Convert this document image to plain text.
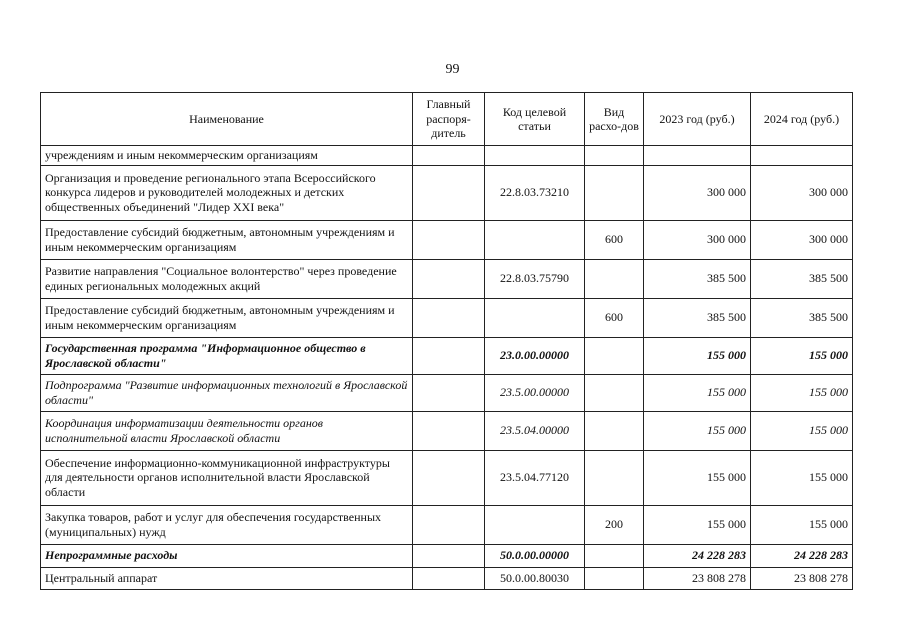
99
Наименование	Главный распоря-дитель	Код целевой статьи	Вид расхо-дов	2023 год (руб.)	2024 год (руб.)
учреждениям и иным некоммерческим организациям					
Организация и проведение регионального этапа Всероссийского конкурса лидеров и руководителей молодежных и детских общественных объединений "Лидер XXI века"		22.8.03.73210		300 000	300 000
Предоставление субсидий бюджетным, автономным учреждениям и иным некоммерческим организациям			600	300 000	300 000
Развитие направления "Социальное волонтерство" через проведение единых региональных молодежных акций		22.8.03.75790		385 500	385 500
Предоставление субсидий бюджетным, автономным учреждениям и иным некоммерческим организациям			600	385 500	385 500
Государственная программа "Информационное общество в Ярославской области"		23.0.00.00000		155 000	155 000
Подпрограмма "Развитие информационных технологий в Ярославской области"		23.5.00.00000		155 000	155 000
Координация информатизации деятельности органов исполнительной власти Ярославской области		23.5.04.00000		155 000	155 000
Обеспечение информационно-коммуникационной инфраструктуры для деятельности органов исполнительной власти Ярославской области		23.5.04.77120		155 000	155 000
Закупка товаров, работ и услуг для обеспечения государственных (муниципальных) нужд			200	155 000	155 000
Непрограммные расходы		50.0.00.00000		24 228 283	24 228 283
Центральный аппарат		50.0.00.80030		23 808 278	23 808 278
